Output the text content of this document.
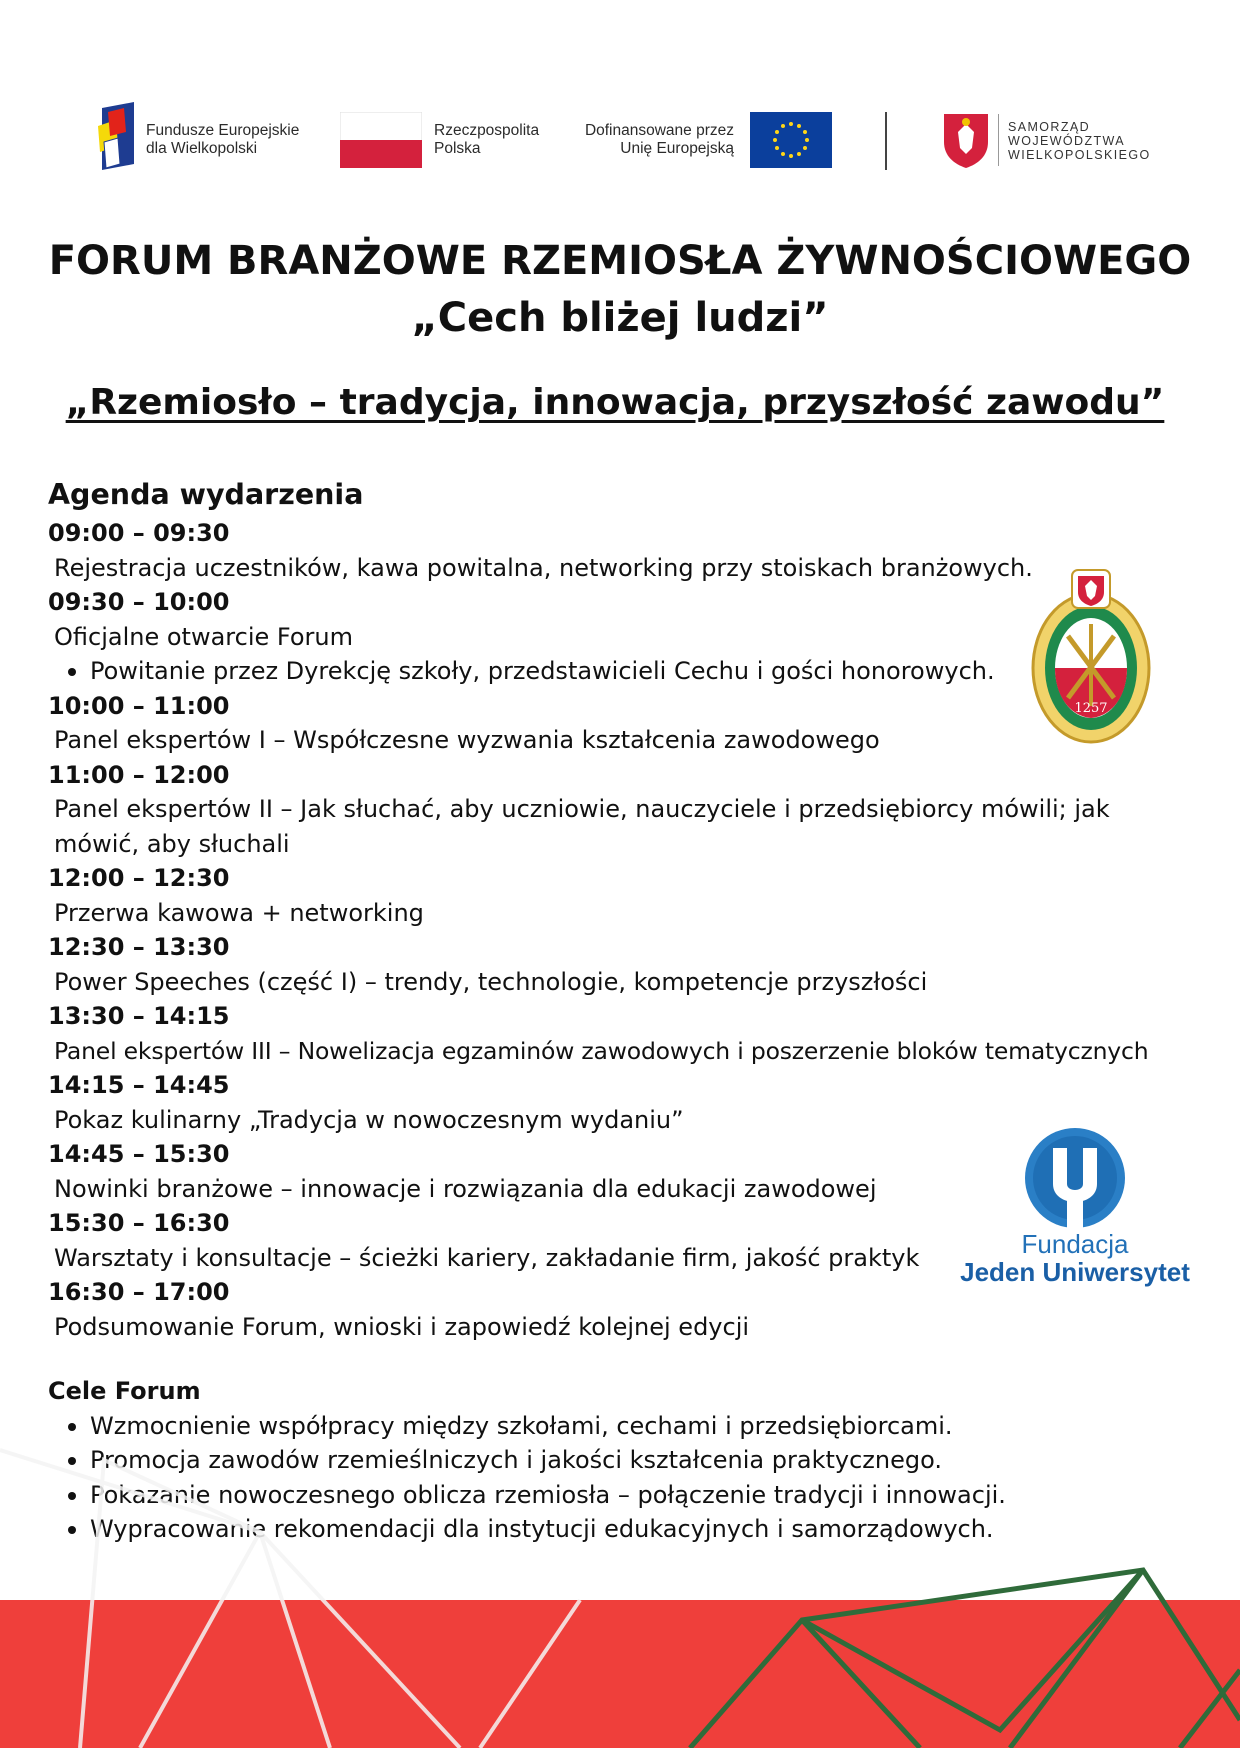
Fundusze Europejskie
dla Wielkopolski
Rzeczpospolita
Polska
Dofinansowane przez
Unię Europejską
SAMORZĄD
WOJEWÓDZTWA
WIELKOPOLSKIEGO
FORUM BRANŻOWE RZEMIOSŁA ŻYWNOŚCIOWEGO
„Cech bliżej ludzi”
„Rzemiosło – tradycja, innowacja, przyszłość zawodu”
Agenda wydarzenia
09:00 – 09:30
Rejestracja uczestników, kawa powitalna, networking przy stoiskach branżowych.
09:30 – 10:00
Oficjalne otwarcie Forum
Powitanie przez Dyrekcję szkoły, przedstawicieli Cechu i gości honorowych.
10:00 – 11:00
Panel ekspertów I – Współczesne wyzwania kształcenia zawodowego
11:00 – 12:00
Panel ekspertów II – Jak słuchać, aby uczniowie, nauczyciele i przedsiębiorcy mówili; jak mówić, aby słuchali
12:00 – 12:30
Przerwa kawowa + networking
12:30 – 13:30
Power Speeches (część I) – trendy, technologie, kompetencje przyszłości
13:30 – 14:15
Panel ekspertów III – Nowelizacja egzaminów zawodowych i poszerzenie bloków tematycznych
14:15 – 14:45
Pokaz kulinarny „Tradycja w nowoczesnym wydaniu”
14:45 – 15:30
Nowinki branżowe – innowacje i rozwiązania dla edukacji zawodowej
15:30 – 16:30
Warsztaty i konsultacje – ścieżki kariery, zakładanie firm, jakość praktyk
16:30 – 17:00
Podsumowanie Forum, wnioski i zapowiedź kolejnej edycji
1257
Fundacja
Jeden Uniwersytet
Cele Forum
Wzmocnienie współpracy między szkołami, cechami i przedsiębiorcami.
Promocja zawodów rzemieślniczych i jakości kształcenia praktycznego.
Pokazanie nowoczesnego oblicza rzemiosła – połączenie tradycji i innowacji.
Wypracowanie rekomendacji dla instytucji edukacyjnych i samorządowych.
